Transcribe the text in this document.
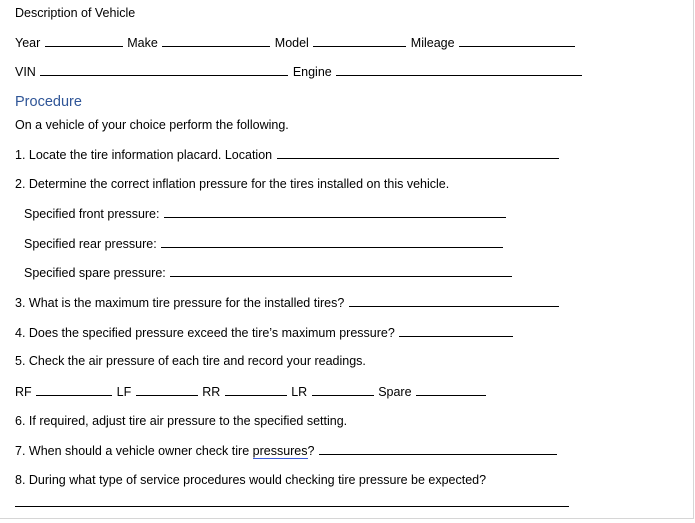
Description of Vehicle
Year	Make	Model	Mileage
VIN	Engine
Procedure
On a vehicle of your choice perform the following.
1. Locate the tire information placard. Location
2. Determine the correct inflation pressure for the tires installed on this vehicle.
Specified front pressure:
Specified rear pressure:
Specified spare pressure:
3. What is the maximum tire pressure for the installed tires?
4. Does the specified pressure exceed the tire’s maximum pressure?
5. Check the air pressure of each tire and record your readings.
RF	LF	RR	LR	Spare
6. If required, adjust tire air pressure to the specified setting.
7. When should a vehicle owner check tire pressures?
8. During what type of service procedures would checking tire pressure be expected?
